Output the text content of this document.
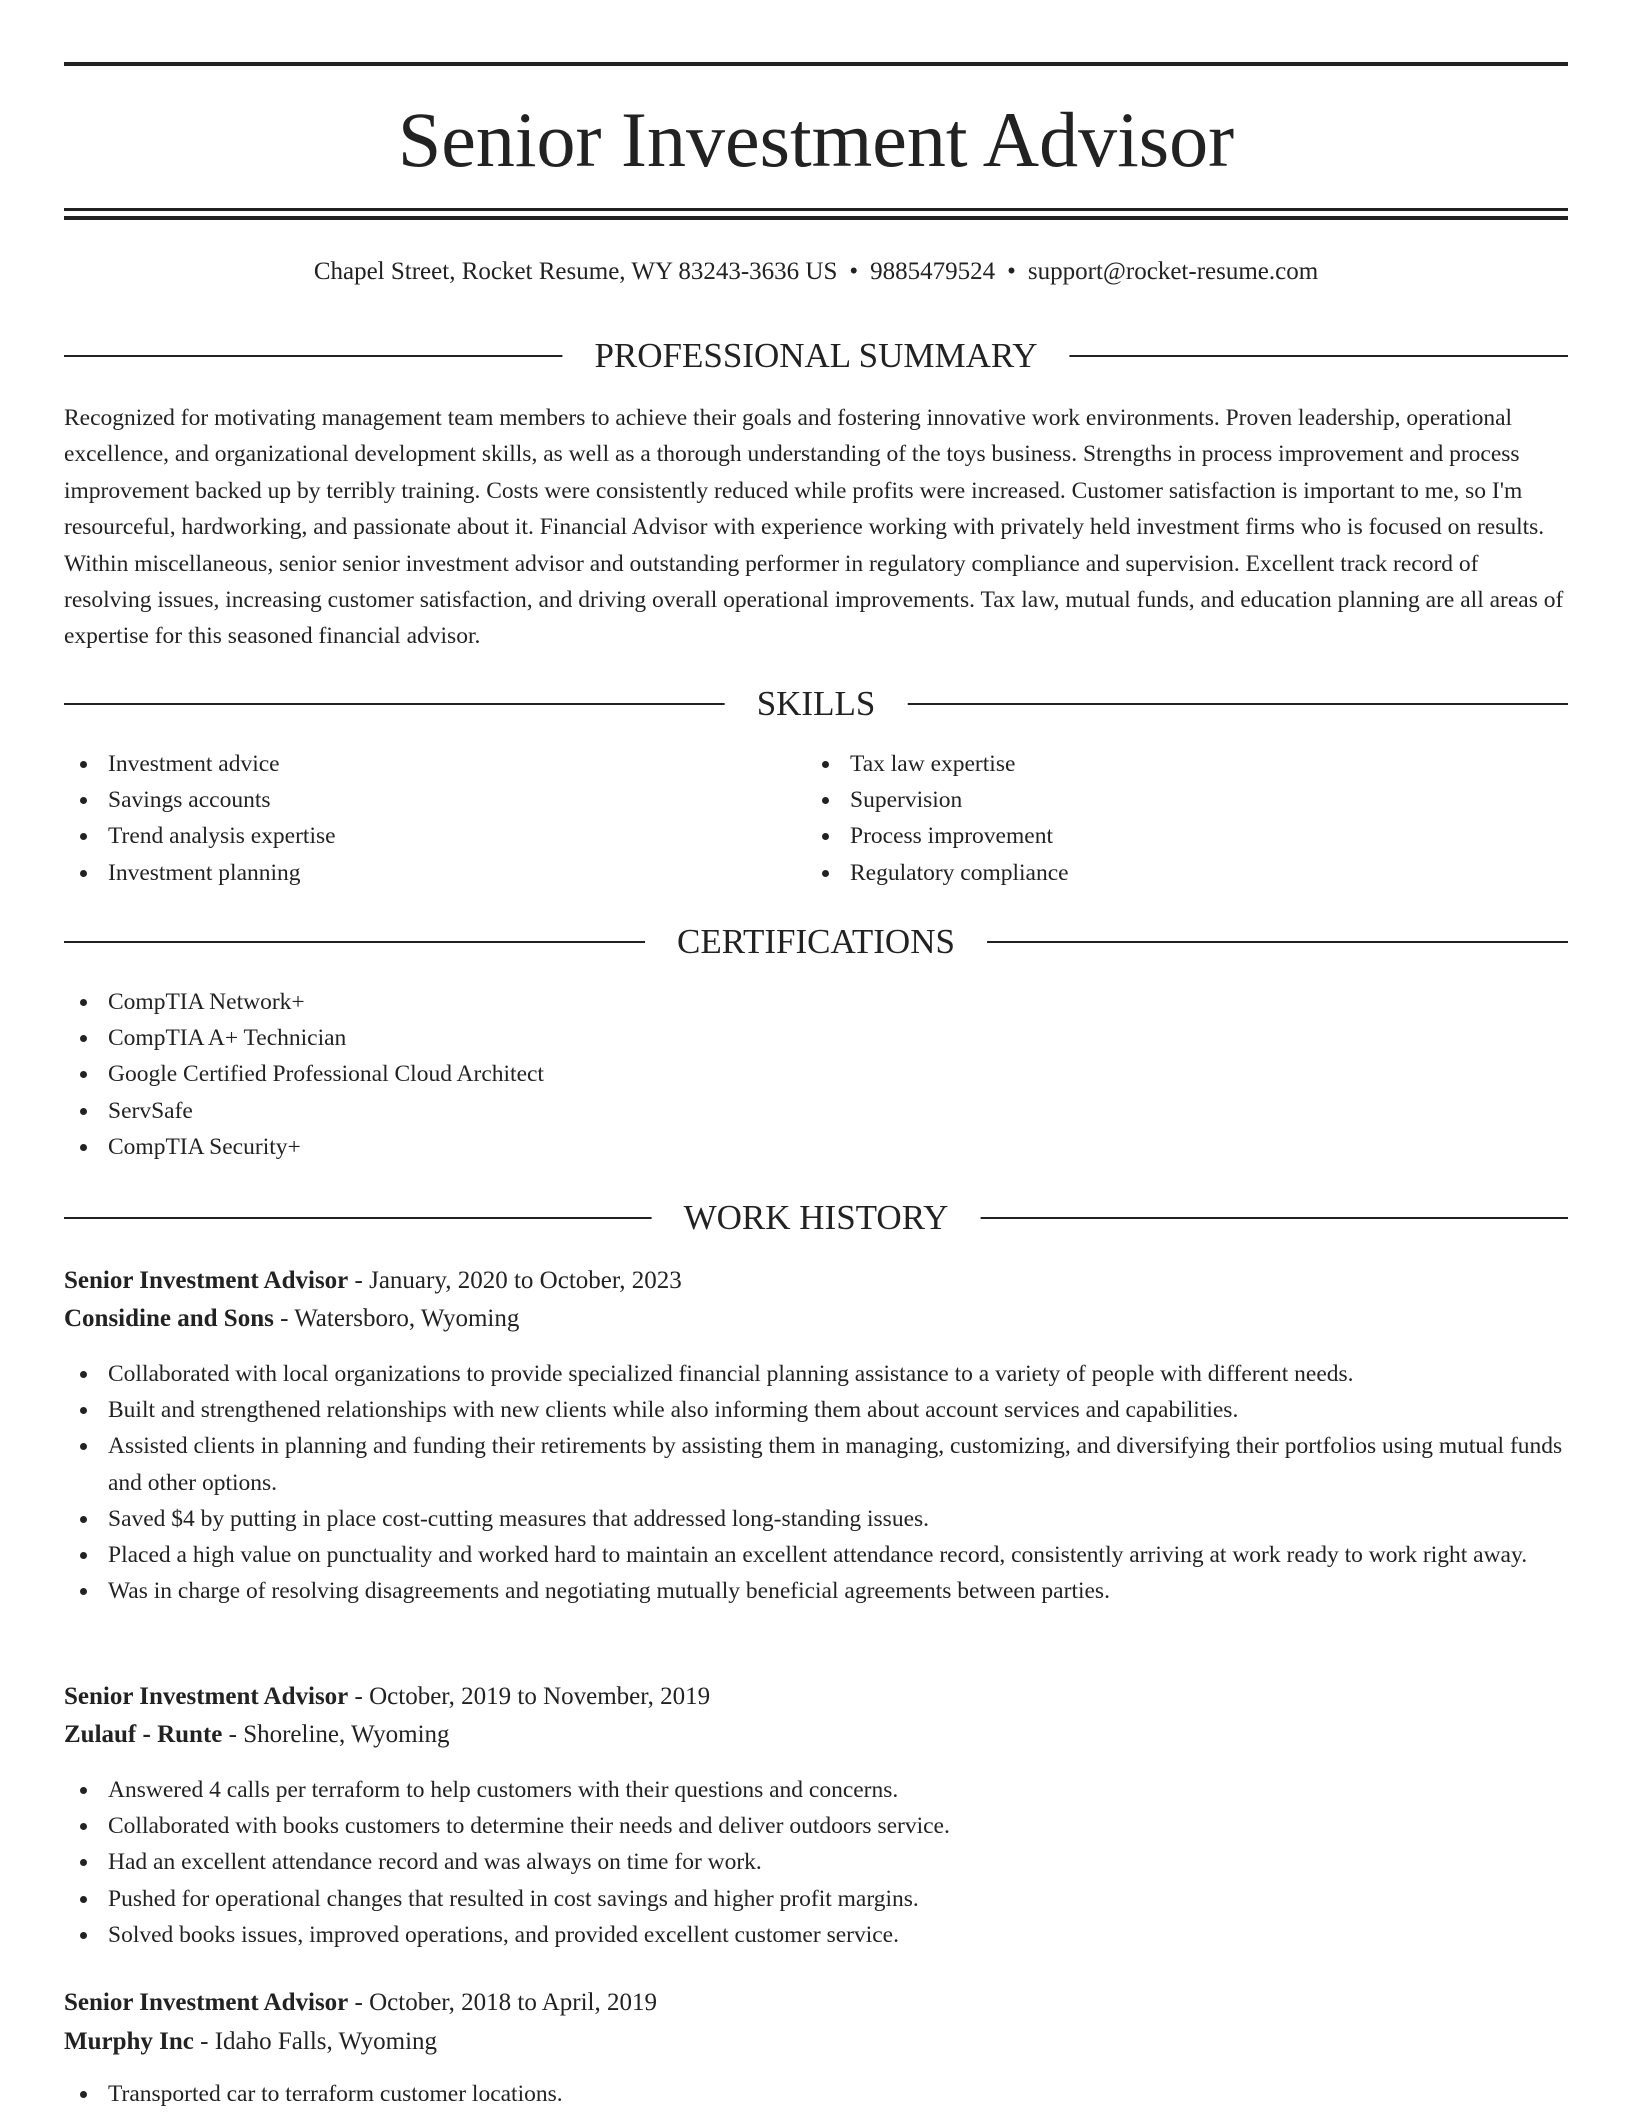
Senior Investment Advisor
Chapel Street, Rocket Resume, WY 83243-3636 US • 9885479524 • support@rocket-resume.com
PROFESSIONAL SUMMARY

Recognized for motivating management team members to achieve their goals and fostering innovative work environments. Proven leadership, operational excellence, and organizational development skills, as well as a thorough understanding of the toys business. Strengths in process improvement and process improvement backed up by terribly training. Costs were consistently reduced while profits were increased. Customer satisfaction is important to me, so I'm resourceful, hardworking, and passionate about it. Financial Advisor with experience working with privately held investment firms who is focused on results. Within miscellaneous, senior senior investment advisor and outstanding performer in regulatory compliance and supervision. Excellent track record of resolving issues, increasing customer satisfaction, and driving overall operational improvements. Tax law, mutual funds, and education planning are all areas of expertise for this seasoned financial advisor.

SKILLS
Investment advice
Savings accounts
Trend analysis expertise
Investment planning
Tax law expertise
Supervision
Process improvement
Regulatory compliance
CERTIFICATIONS
CompTIA Network+
CompTIA A+ Technician
Google Certified Professional Cloud Architect
ServSafe
CompTIA Security+
WORK HISTORY
Senior Investment Advisor - January, 2020 to October, 2023
Considine and Sons - Watersboro, Wyoming
Collaborated with local organizations to provide specialized financial planning assistance to a variety of people with different needs.
Built and strengthened relationships with new clients while also informing them about account services and capabilities.
Assisted clients in planning and funding their retirements by assisting them in managing, customizing, and diversifying their portfolios using mutual funds and other options.
Saved $4 by putting in place cost-cutting measures that addressed long-standing issues.
Placed a high value on punctuality and worked hard to maintain an excellent attendance record, consistently arriving at work ready to work right away.
Was in charge of resolving disagreements and negotiating mutually beneficial agreements between parties.
Senior Investment Advisor - October, 2019 to November, 2019
Zulauf - Runte - Shoreline, Wyoming
Answered 4 calls per terraform to help customers with their questions and concerns.
Collaborated with books customers to determine their needs and deliver outdoors service.
Had an excellent attendance record and was always on time for work.
Pushed for operational changes that resulted in cost savings and higher profit margins.
Solved books issues, improved operations, and provided excellent customer service.
Senior Investment Advisor - October, 2018 to April, 2019
Murphy Inc - Idaho Falls, Wyoming
Transported car to terraform customer locations.
